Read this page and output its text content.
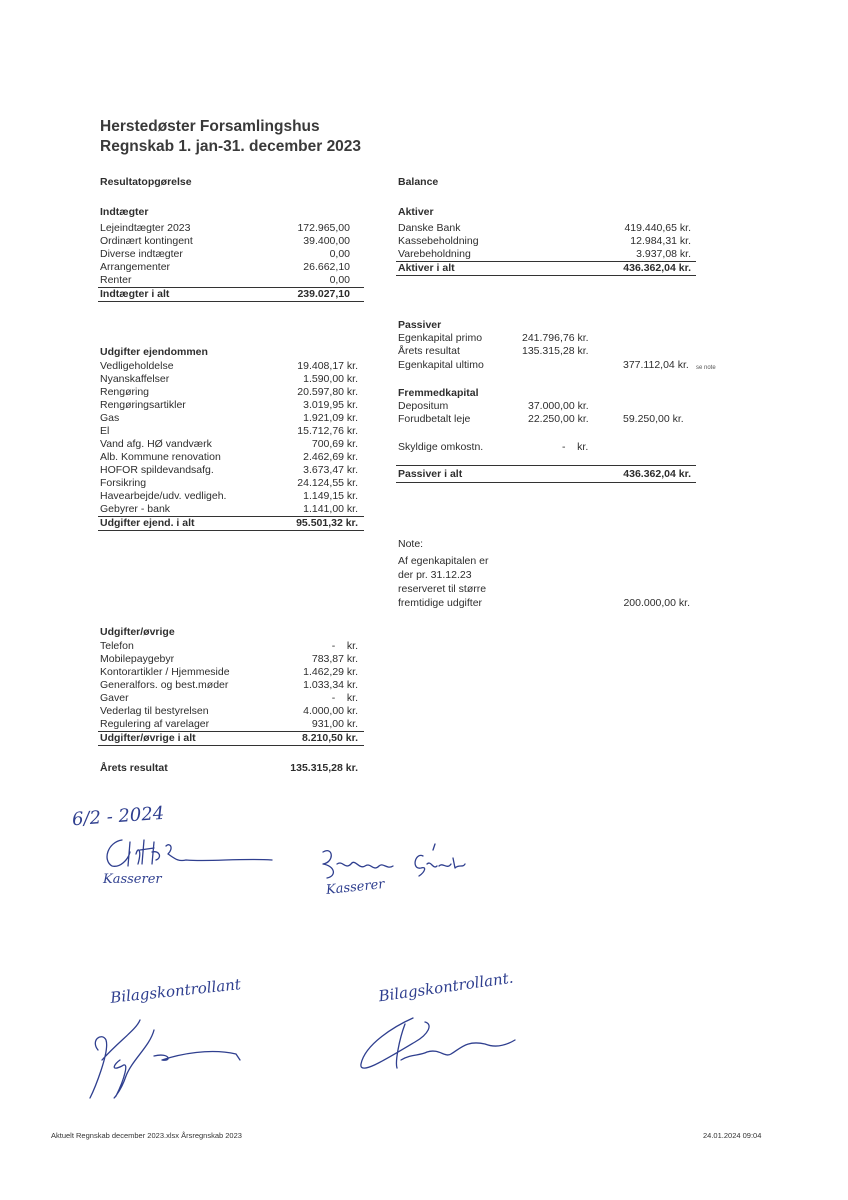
Herstedøster Forsamlingshus
Regnskab 1. jan-31. december 2023
Resultatopgørelse
Indtægter
Lejeindtægter 2023	172.965,00
Ordinært kontingent	39.400,00
Diverse indtægter	0,00
Arrangementer	26.662,10
Renter	0,00
Indtægter i alt	239.027,10
Udgifter ejendommen
Vedligeholdelse	19.408,17 kr.
Nyanskaffelser	1.590,00 kr.
Rengøring	20.597,80 kr.
Rengøringsartikler	3.019,95 kr.
Gas	1.921,09 kr.
El	15.712,76 kr.
Vand afg. HØ vandværk	700,69 kr.
Alb. Kommune renovation	2.462,69 kr.
HOFOR spildevandsafg.	3.673,47 kr.
Forsikring	24.124,55 kr.
Havearbejde/udv. vedligeh.	1.149,15 kr.
Gebyrer - bank	1.141,00 kr.
Udgifter ejend. i alt	95.501,32 kr.
Udgifter/øvrige
Telefon	-    kr.
Mobilepaygebyr	783,87 kr.
Kontorartikler / Hjemmeside	1.462,29 kr.
Generalfors. og best.møder	1.033,34 kr.
Gaver	-    kr.
Vederlag til bestyrelsen	4.000,00 kr.
Regulering af varelager	931,00 kr.
Udgifter/øvrige i alt	8.210,50 kr.
Årets resultat	135.315,28 kr.
Balance
Aktiver
Danske Bank	419.440,65 kr.
Kassebeholdning	12.984,31 kr.
Varebeholdning	3.937,08 kr.
Aktiver i alt	436.362,04 kr.
Passiver
Egenkapital primo	241.796,76 kr.
Årets resultat	135.315,28 kr.
Egenkapital ultimo	377.112,04 kr. se note
Fremmedkapital
Depositum	37.000,00 kr.
Forudbetalt leje	22.250,00 kr.	59.250,00 kr.
Skyldige omkostn.	-    kr.
Passiver i alt	436.362,04 kr.
Note:
Af egenkapitalen er
der pr. 31.12.23
reserveret til større
fremtidige udgifter	200.000,00 kr.
6/2 - 2024
Kasserer	Kasserer
Bilagskontrollant	Bilagskontrollant.
Aktuelt Regnskab december 2023.xlsx Årsregnskab 2023	24.01.2024 09:04
